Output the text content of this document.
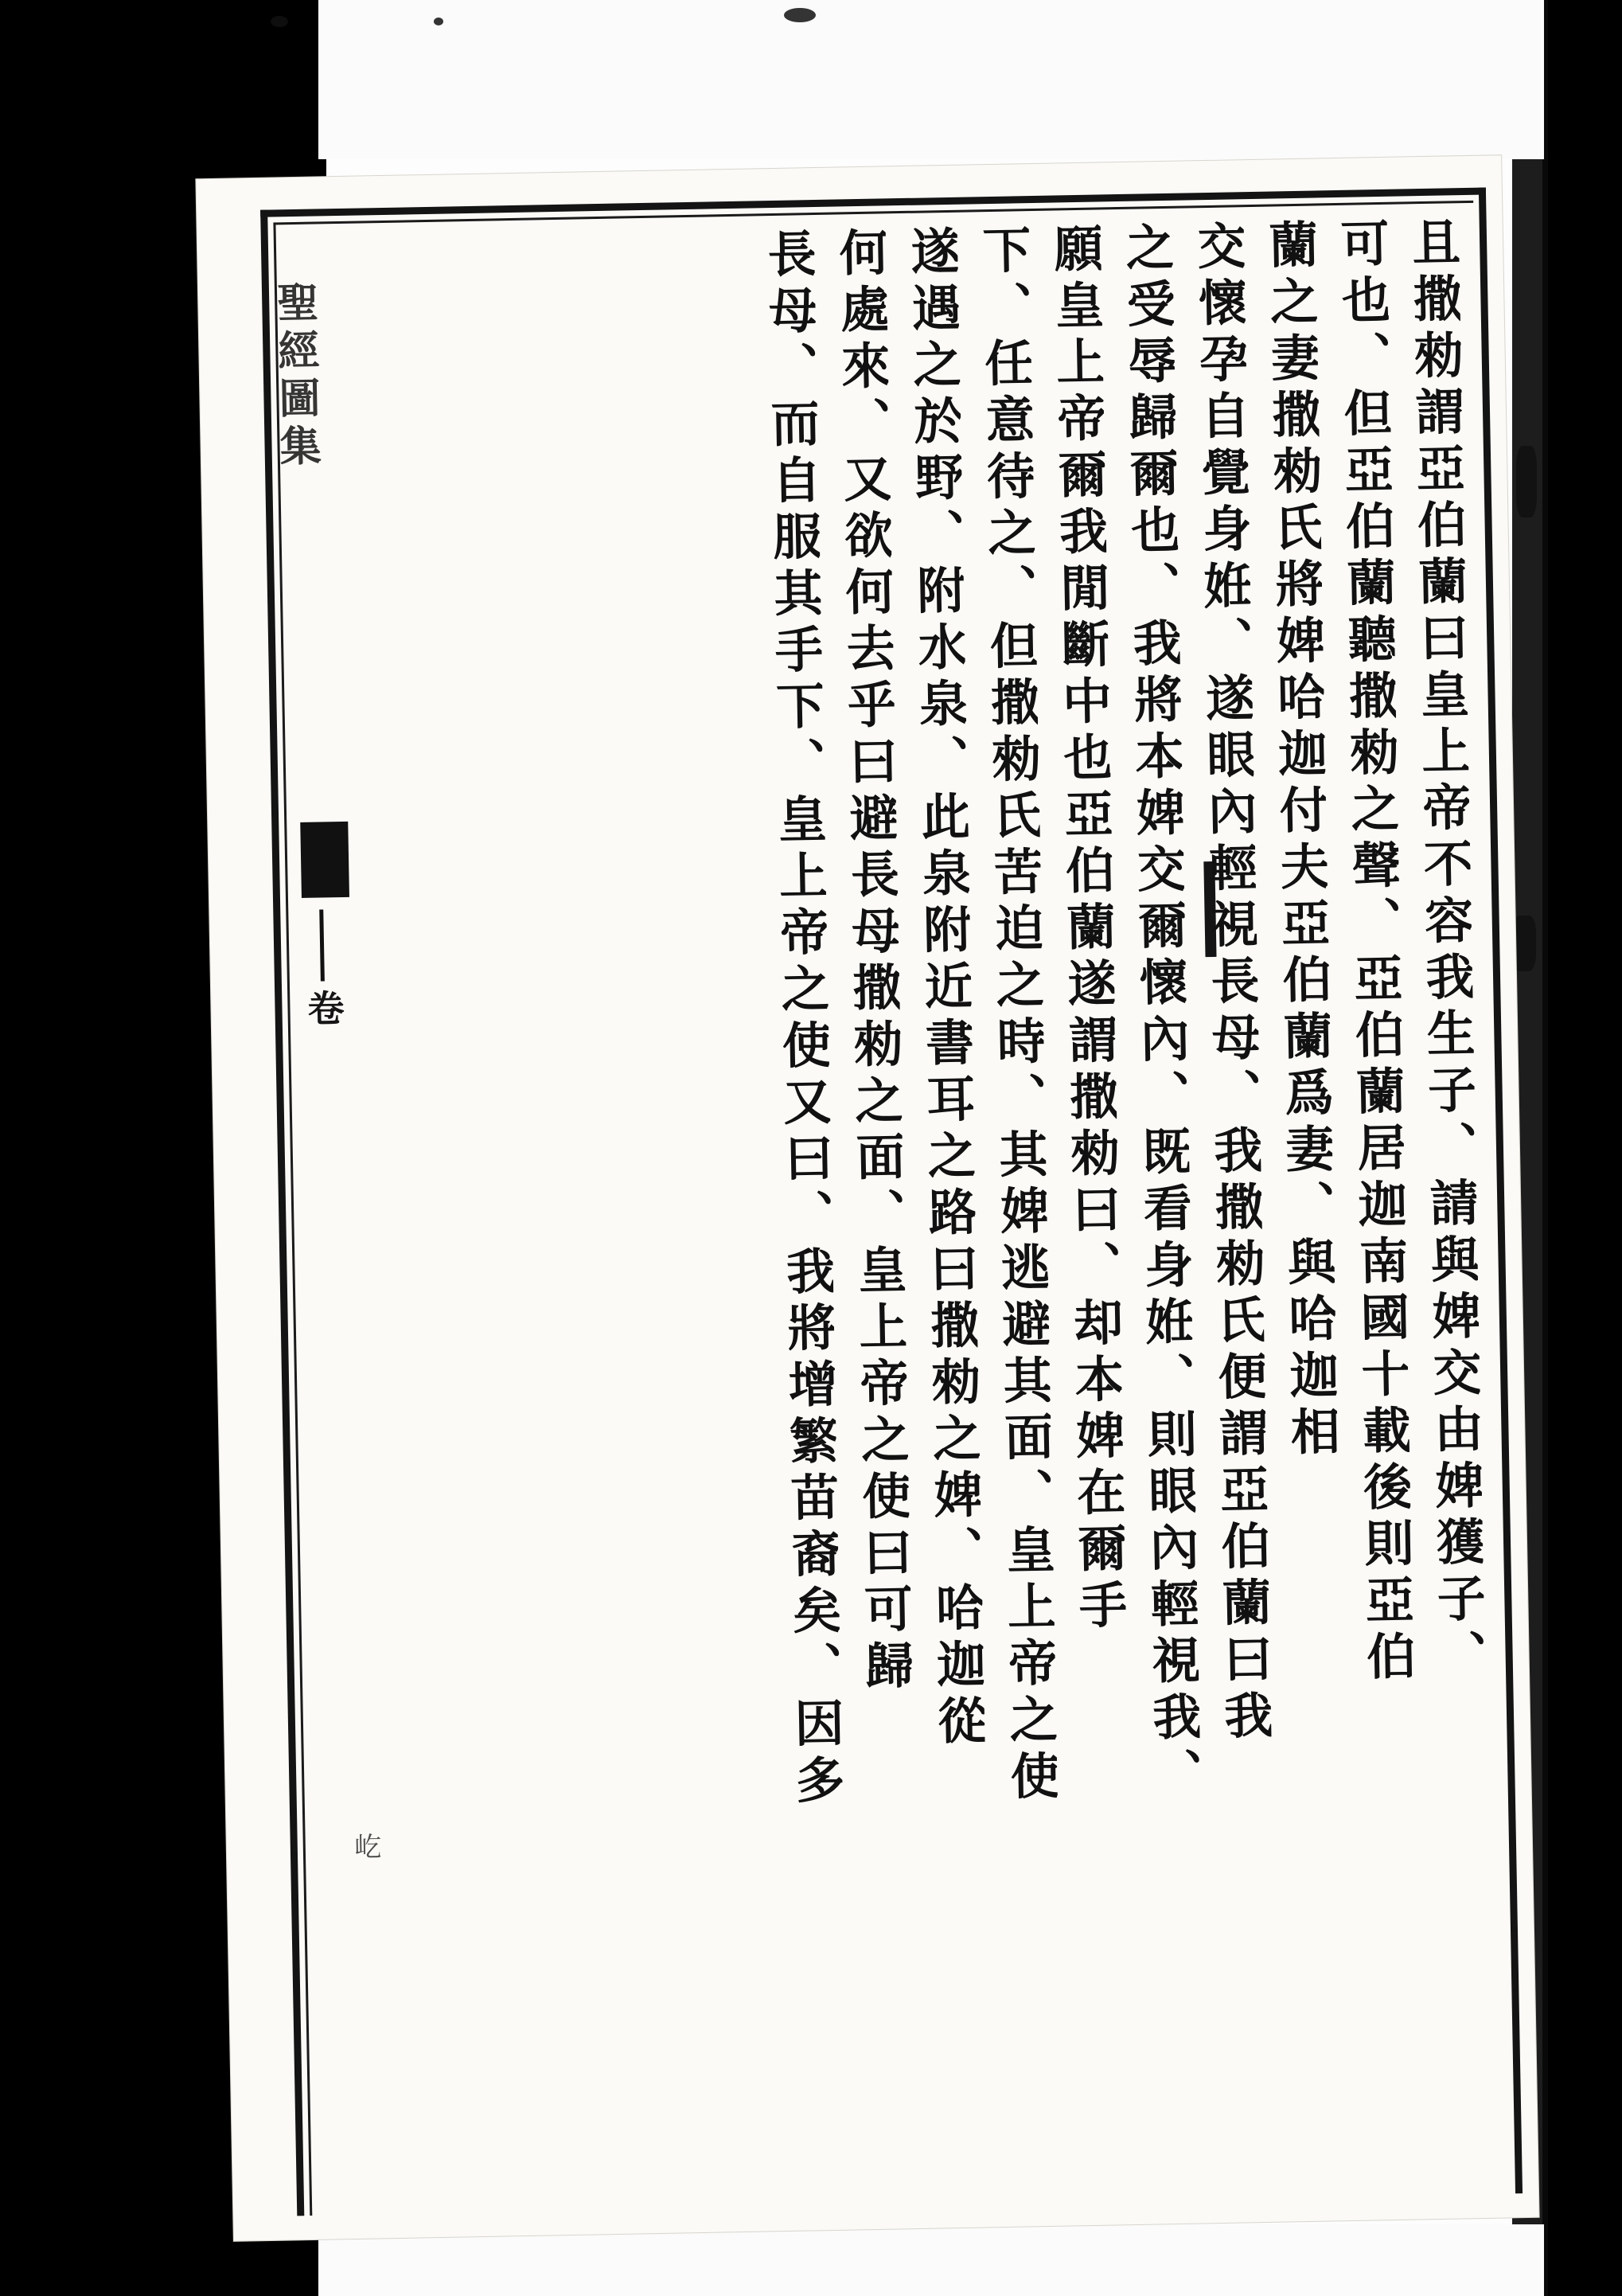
聖經圖集
卷
屹
且撒勑謂亞伯蘭曰皇上帝不容我生子、請與婢交由婢獲子、
可也、但亞伯蘭聽撒勑之聲、亞伯蘭居迦南國十載後則亞伯
蘭之妻撒勑氏將婢哈迦付夫亞伯蘭爲妻、與哈迦相
交懷孕自覺身姙、遂眼內輕視長母、我撒勑氏便謂亞伯蘭曰我
之受辱歸爾也、我將本婢交爾懷內、既看身姙、則眼內輕視我、
願皇上帝爾我閒斷中也亞伯蘭遂謂撒勑曰、却本婢在爾手
下、任意待之、但撒勑氏苦迫之時、其婢逃避其面、皇上帝之使
遂遇之於野、附水泉、此泉附近書耳之路曰撒勑之婢、哈迦從
何處來、又欲何去乎曰避長母撒勑之面、皇上帝之使曰可歸
長母、而自服其手下、皇上帝之使又曰、我將增繁苗裔矣、因多
